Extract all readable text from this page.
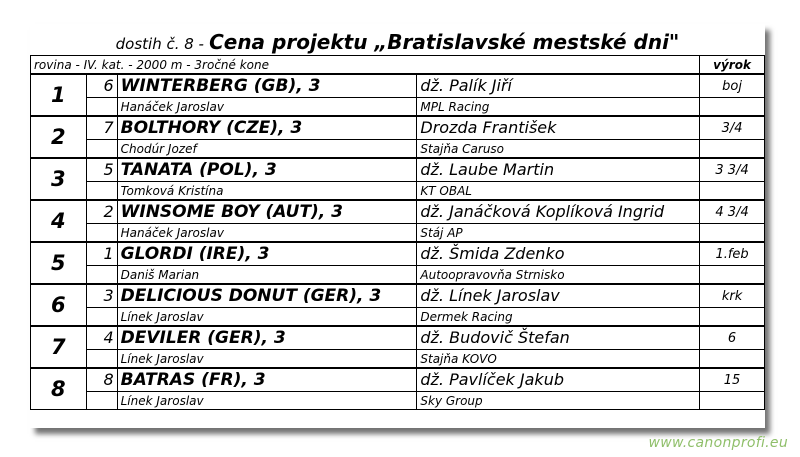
dostih č. 8 - Cena projektu „Bratislavské mestské dni"
rovina - IV. kat. - 2000 m - 3ročné kone				výrok
1	6	WINTERBERG (GB), 3	dž. Palík Jiří	boj
		Hanáček Jaroslav	MPL Racing	
2	7	BOLTHORY (CZE), 3	Drozda František	3/4
		Chodúr Jozef	Stajňa Caruso	
3	5	TANATA (POL), 3	dž. Laube Martin	3 3/4
		Tomková Kristína	KT OBAL	
4	2	WINSOME BOY (AUT), 3	dž. Janáčková Koplíková Ingrid	4 3/4
		Hanáček Jaroslav	Stáj AP	
5	1	GLORDI (IRE), 3	dž. Šmida Zdenko	1.feb
		Daniš Marian	Autoopravovňa Strnisko	
6	3	DELICIOUS DONUT (GER), 3	dž. Línek Jaroslav	krk
		Línek Jaroslav	Dermek Racing	
7	4	DEVILER (GER), 3	dž. Budovič Štefan	6
		Línek Jaroslav	Stajňa KOVO	
8	8	BATRAS (FR), 3	dž. Pavlíček Jakub	15
		Línek Jaroslav	Sky Group	
www.canonprofi.eu
